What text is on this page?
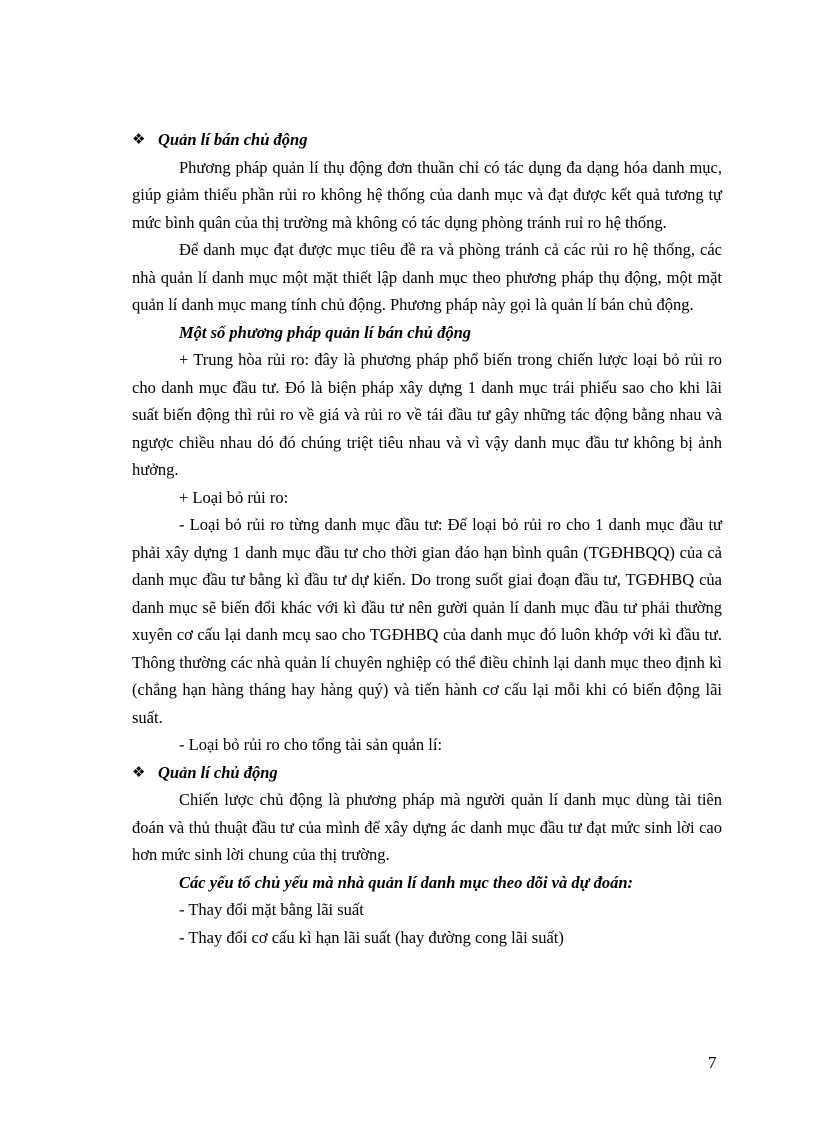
❖ Quản lí bán chủ động

Phương pháp quản lí thụ động đơn thuần chỉ có tác dụng đa dạng hóa danh mục, giúp giảm thiểu phần rủi ro không hệ thống của danh mục và đạt được kết quả tương tự mức bình quân của thị trường mà không có tác dụng phòng tránh ruỉ ro hệ thống.

Để danh mục đạt được mục tiêu đề ra và phòng tránh cả các rủi ro hệ thống, các nhà quản lí danh mục một mặt thiết lập danh mục theo phương pháp thụ động, một mặt quản lí danh mục mang tính chủ động. Phương pháp này gọi là quản lí bán chủ động.

Một số phương pháp quản lí bán chủ động

+ Trung hòa rủi ro: đây là phương pháp phổ biến trong chiến lược loại bỏ rủi ro cho danh mục đầu tư. Đó là biện pháp xây dựng 1 danh mục trái phiếu sao cho khi lãi suất biến động thì rủi ro về giá và rủi ro về tái đầu tư gây những tác động bằng nhau và ngược chiều nhau dó đó chúng triệt tiêu nhau và vì vậy danh mục đầu tư không bị ảnh hưởng.

+ Loại bỏ rủi ro:

- Loại bỏ rủi ro từng danh mục đầu tư: Để loại bỏ rủi ro cho 1 danh mục đầu tư phải xây dựng 1 danh mục đầu tư cho thời gian đáo hạn bình quân (TGĐHBQQ) của cả danh mục đầu tư bằng kì đầu tư dự kiến. Do trong suốt giai đoạn đầu tư, TGĐHBQ của danh mục sẽ biến đổi khác với kì đầu tư nên gười quản lí danh mục đầu tư phải thường xuyên cơ cấu lại danh mcụ sao cho TGĐHBQ của danh mục đó luôn khớp với kì đầu tư. Thông thường các nhà quản lí chuyên nghiệp có thể điều chỉnh lại danh mục theo định kì (chẳng hạn hàng tháng hay hàng quý) và tiến hành cơ cấu lại mỗi khi có biến động lãi suất.

- Loại bỏ rủi ro cho tổng tài sản quản lí:

❖ Quản lí chủ động

Chiến lược chủ động là phương pháp mà người quản lí danh mục dùng tài tiên đoán và thủ thuật đầu tư của mình để xây dựng ác danh mục đầu tư đạt mức sinh lời cao hơn mức sinh lời chung của thị trường.

Các yếu tố chủ yếu mà nhà quản lí danh mục theo dõi và dự đoán:

- Thay đổi mặt bằng lãi suất

- Thay đổi cơ cấu kì hạn lãi suất (hay đường cong lãi suất)

7
